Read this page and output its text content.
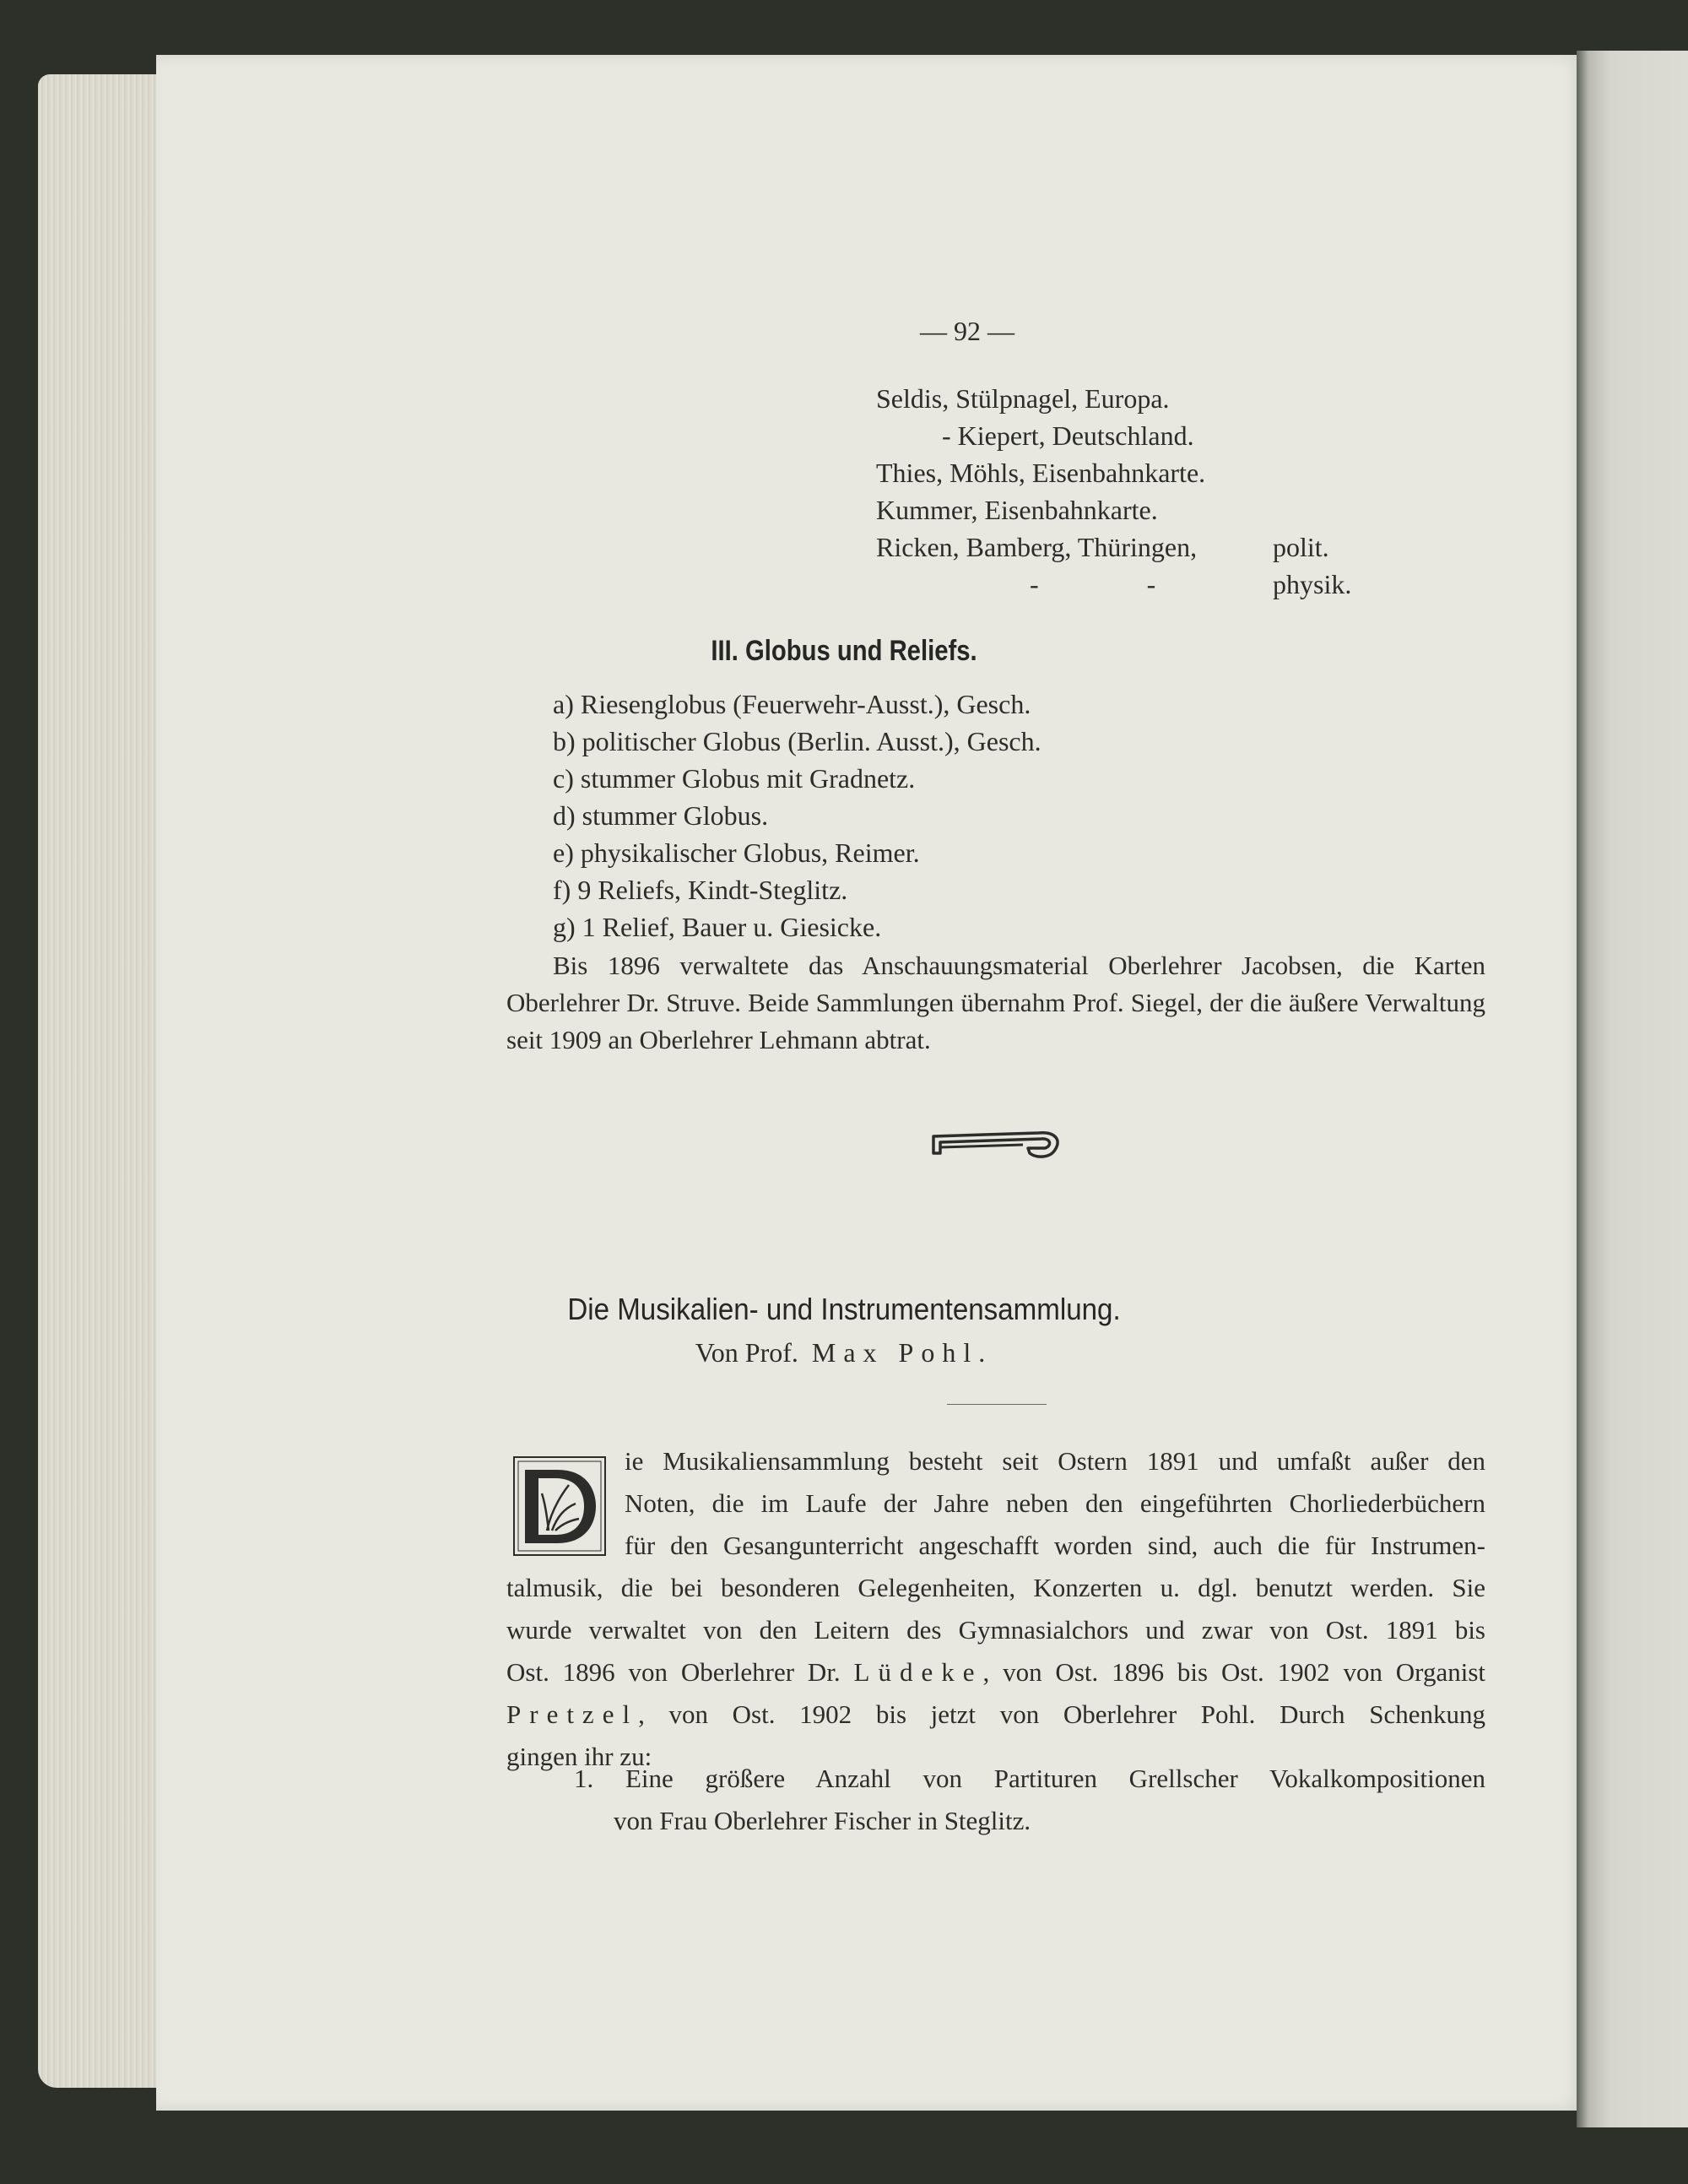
— 92 —
Seldis, Stülpnagel, Europa.
- Kiepert, Deutschland.
Thies, Möhls, Eisenbahnkarte.
Kummer, Eisenbahnkarte.
Ricken, Bamberg, Thüringen,	polit.
-	-	physik.
III. Globus und Reliefs.
a) Riesenglobus (Feuerwehr-Ausst.), Gesch.
b) politischer Globus (Berlin. Ausst.), Gesch.
c) stummer Globus mit Gradnetz.
d) stummer Globus.
e) physikalischer Globus, Reimer.
f) 9 Reliefs, Kindt-Steglitz.
g) 1 Relief, Bauer u. Giesicke.
Bis 1896 verwaltete das Anschauungsmaterial Oberlehrer Jacobsen, die Karten Oberlehrer Dr. Struve. Beide Sammlungen übernahm Prof. Siegel, der die äußere Verwaltung seit 1909 an Oberlehrer Lehmann abtrat.
Die Musikalien- und Instrumentensammlung.
Von Prof. Max Pohl.
ie Musikaliensammlung besteht seit Ostern 1891 und umfaßt außer den
Noten, die im Laufe der Jahre neben den eingeführten Chorliederbüchern
für den Gesangunterricht angeschafft worden sind, auch die für Instrumen-
talmusik, die bei besonderen Gelegenheiten, Konzerten u. dgl. benutzt werden. Sie
wurde verwaltet von den Leitern des Gymnasialchors und zwar von Ost. 1891 bis
Ost. 1896 von Oberlehrer Dr. Lüdeke, von Ost. 1896 bis Ost. 1902 von Organist
Pretzel, von Ost. 1902 bis jetzt von Oberlehrer Pohl. Durch Schenkung
gingen ihr zu:
1. Eine größere Anzahl von Partituren Grellscher Vokalkompositionen
von Frau Oberlehrer Fischer in Steglitz.
